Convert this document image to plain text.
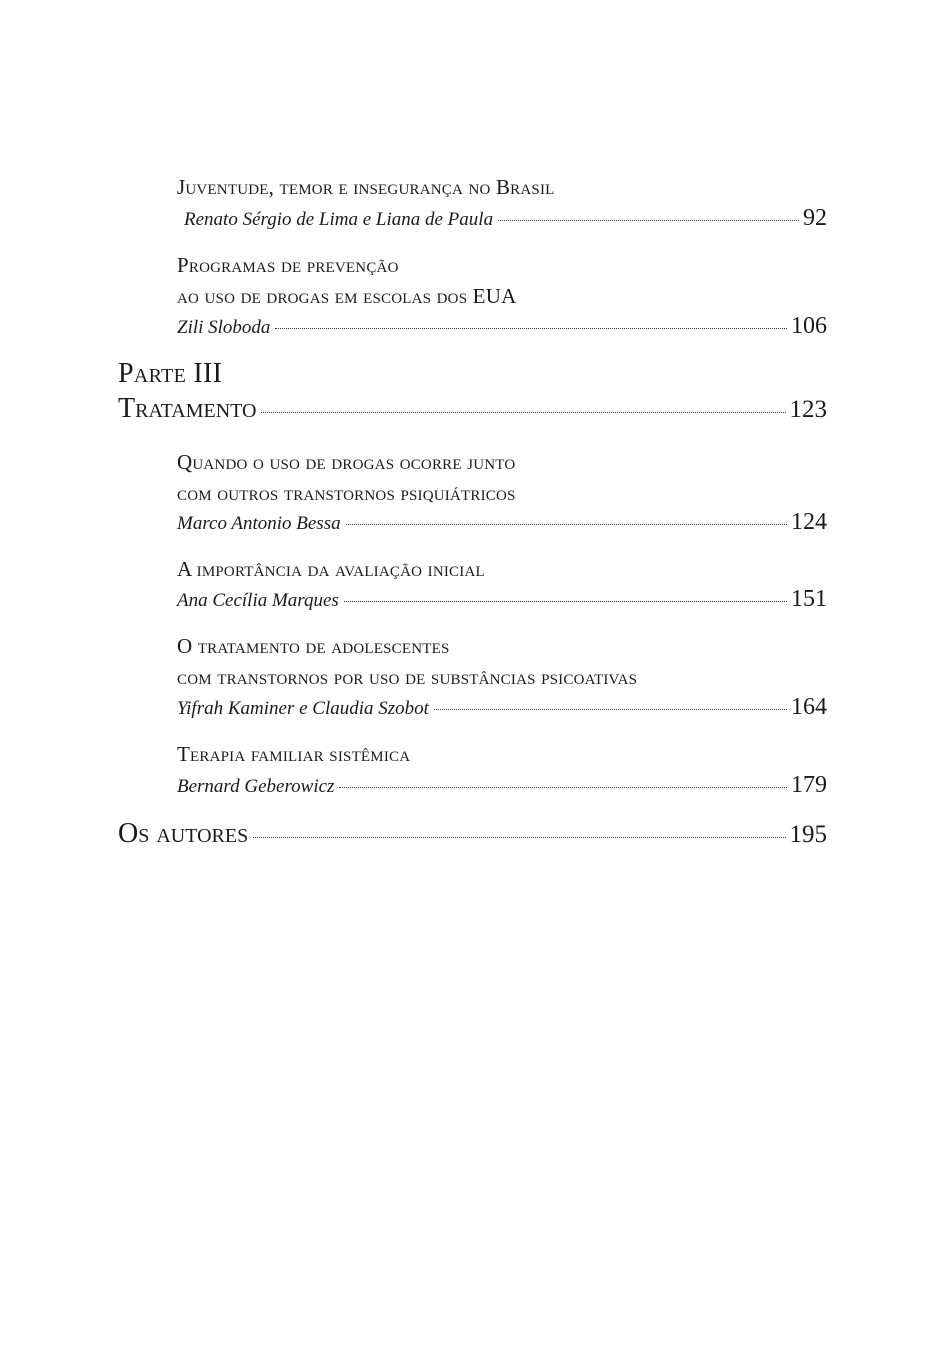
Juventude, temor e insegurança no Brasil
Renato Sérgio de Lima e Liana de Paula	92
Programas de prevenção
ao uso de drogas em escolas dos EUA
Zili Sloboda	106
Parte III
Tratamento	123
Quando o uso de drogas ocorre junto
com outros transtornos psiquiátricos
Marco Antonio Bessa	124
A importância da avaliação inicial
Ana Cecília Marques	151
O tratamento de adolescentes
com transtornos por uso de substâncias psicoativas
Yifrah Kaminer e Claudia Szobot	164
Terapia familiar sistêmica
Bernard Geberowicz	179
Os autores	195
